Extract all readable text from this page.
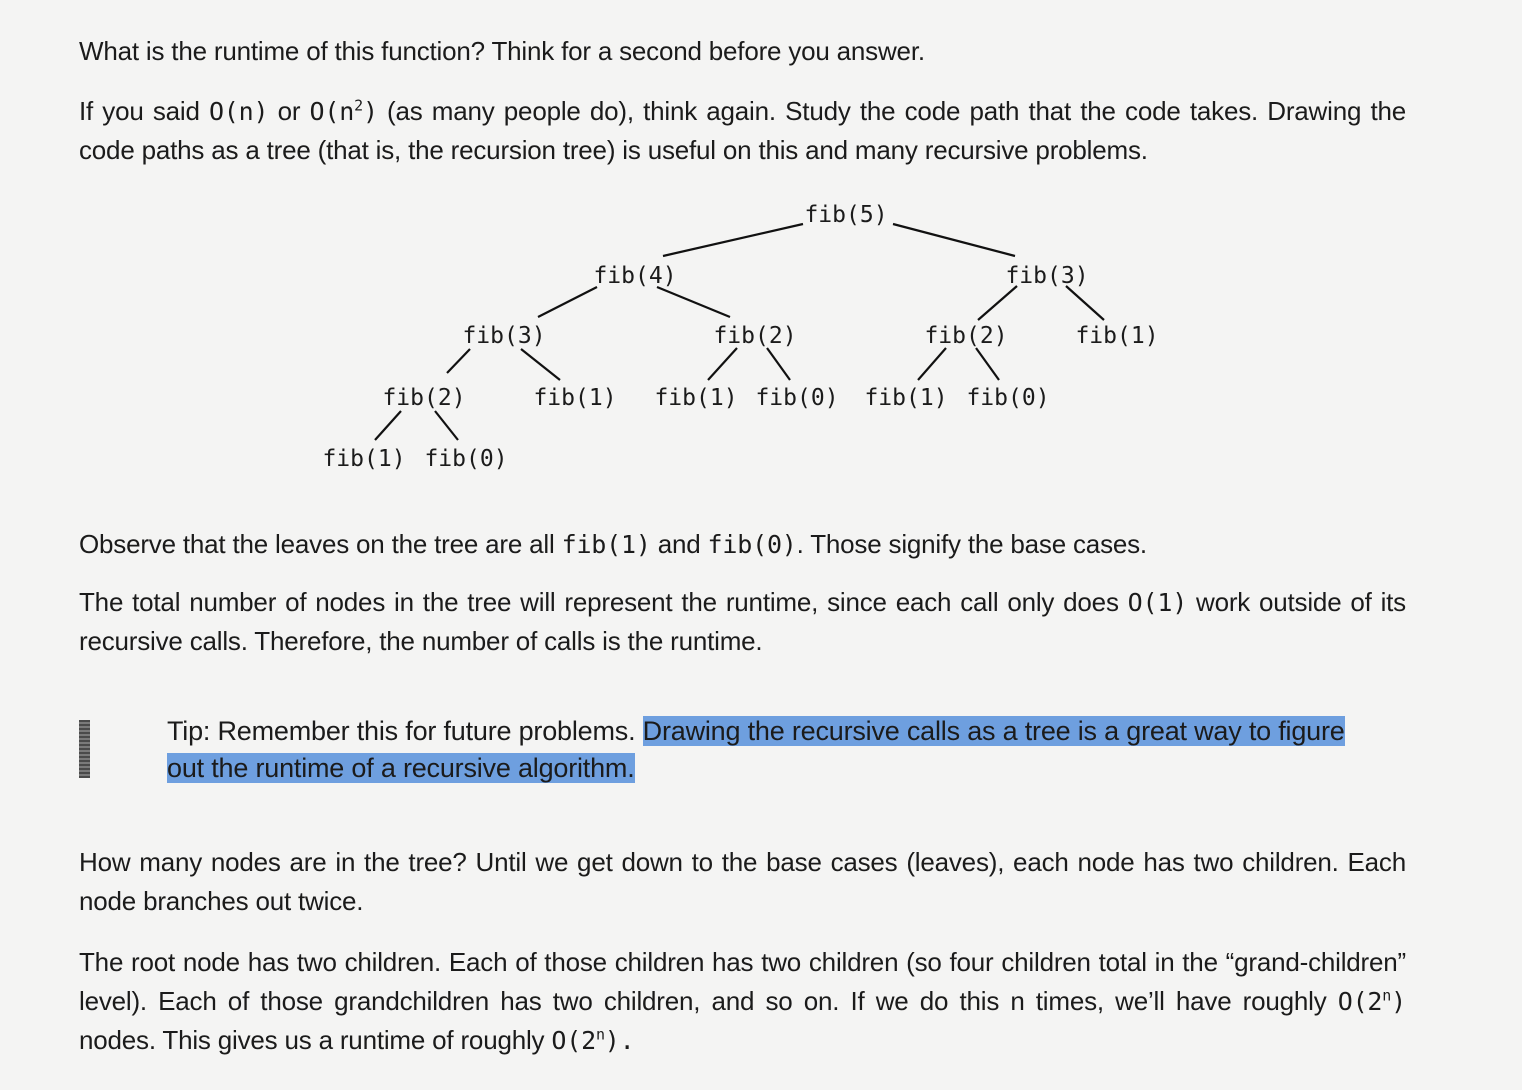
What is the runtime of this function? Think for a second before you answer.

If you said O(n) or $O(n^2)$ (as many people do), think again. Study the code path that the code takes. Drawing the code paths as a tree (that is, the recursion tree) is useful on this and many recursive problems.

fib(5)
fib(4)
fib(3)
fib(3)
fib(2)
fib(2)	fib(2)	fib(1)
fib(1) fib(1)	fib(1)
fib(1)
fib(0)	fib(0)
fib(0)

Observe that the leaves on the tree are all fib(1) and fib(0). Those signify the base cases.

The total number of nodes in the tree will represent the runtime, since each call only does O(1) work outside of its recursive calls. Therefore, the number of calls is the runtime.

Tip: Remember this for future problems. Drawing the recursive calls as a tree is a great way to figure out the runtime of a recursive algorithm.

How many nodes are in the tree? Until we get down to the base cases (leaves), each node has two children. Each node branches out twice.

The root node has two children. Each of those children has two children (so four children total in the “grand-children” level). Each of those grandchildren has two children, and so on. If we do this n times, we’ll have roughly O(2$^n$) nodes. This gives us a runtime of roughly O(2$^n$).
